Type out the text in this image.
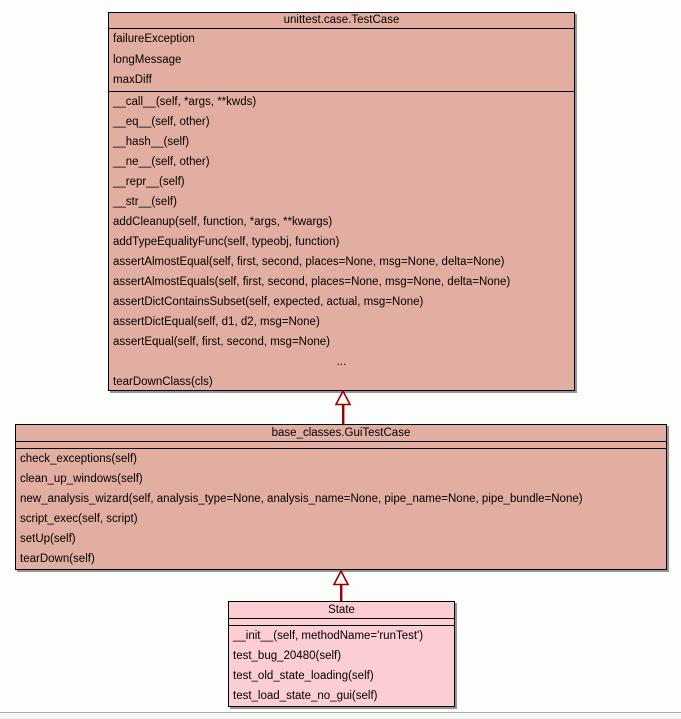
unittest.case.TestCase
failureException
longMessage
maxDiff
__call__(self, *args, **kwds)
__eq__(self, other)
__hash__(self)
__ne__(self, other)
__repr__(self)
__str__(self)
addCleanup(self, function, *args, **kwargs)
addTypeEqualityFunc(self, typeobj, function)
assertAlmostEqual(self, first, second, places=None, msg=None, delta=None)
assertAlmostEquals(self, first, second, places=None, msg=None, delta=None)
assertDictContainsSubset(self, expected, actual, msg=None)
assertDictEqual(self, d1, d2, msg=None)
assertEqual(self, first, second, msg=None)
...
tearDownClass(cls)
base_classes.GuiTestCase
check_exceptions(self)
clean_up_windows(self)
new_analysis_wizard(self, analysis_type=None, analysis_name=None, pipe_name=None, pipe_bundle=None)
script_exec(self, script)
setUp(self)
tearDown(self)
State
__init__(self, methodName='runTest')
test_bug_20480(self)
test_old_state_loading(self)
test_load_state_no_gui(self)
